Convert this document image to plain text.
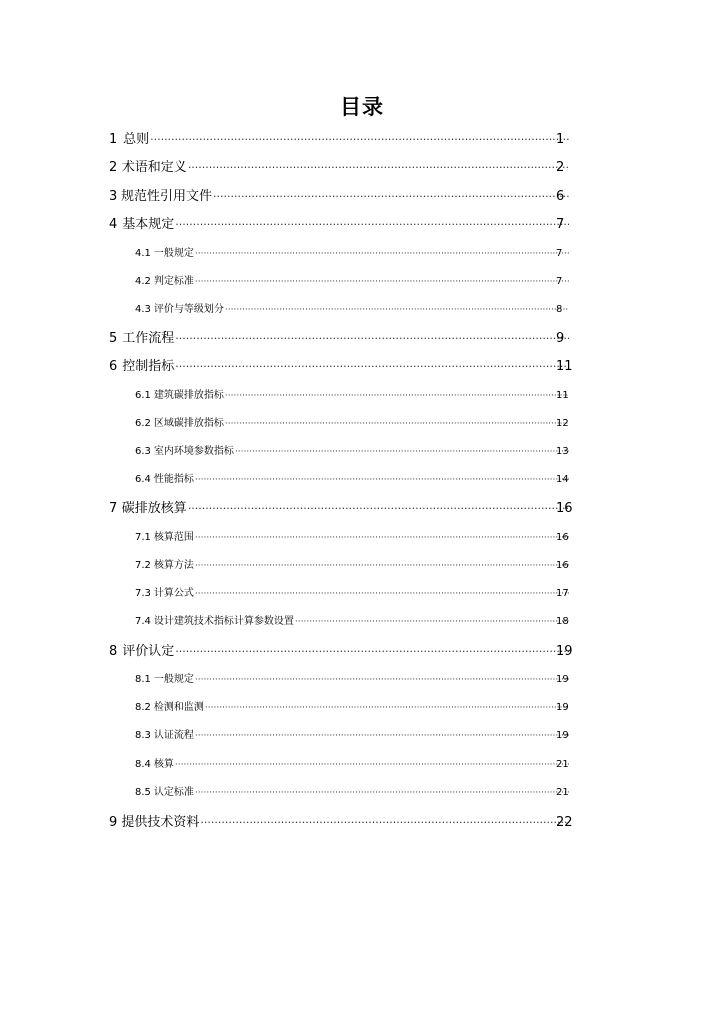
目录
1 总则 ·····	1
2 术语和定义 ·····	2
3 规范性引用文件 ·····	6
4 基本规定 ·····	7
4.1 一般规定 ·····	7
4.2 判定标准 ·····	7
4.3 评价与等级划分 ·····	8
5 工作流程 ·····	9
6 控制指标 ·····	11
6.1 建筑碳排放指标 ·····	11
6.2 区域碳排放指标 ·····	12
6.3 室内环境参数指标 ·····	13
6.4 性能指标 ·····	14
7 碳排放核算 ·····	16
7.1 核算范围 ·····	16
7.2 核算方法 ·····	16
7.3 计算公式 ·····	17
7.4 设计建筑技术指标计算参数设置 ·····	18
8 评价认定 ·····	19
8.1 一般规定 ·····	19
8.2 检测和监测 ·····	19
8.3 认证流程 ·····	19
8.4 核算 ·····	21
8.5 认定标准 ·····	21
9 提供技术资料 ·····	22
